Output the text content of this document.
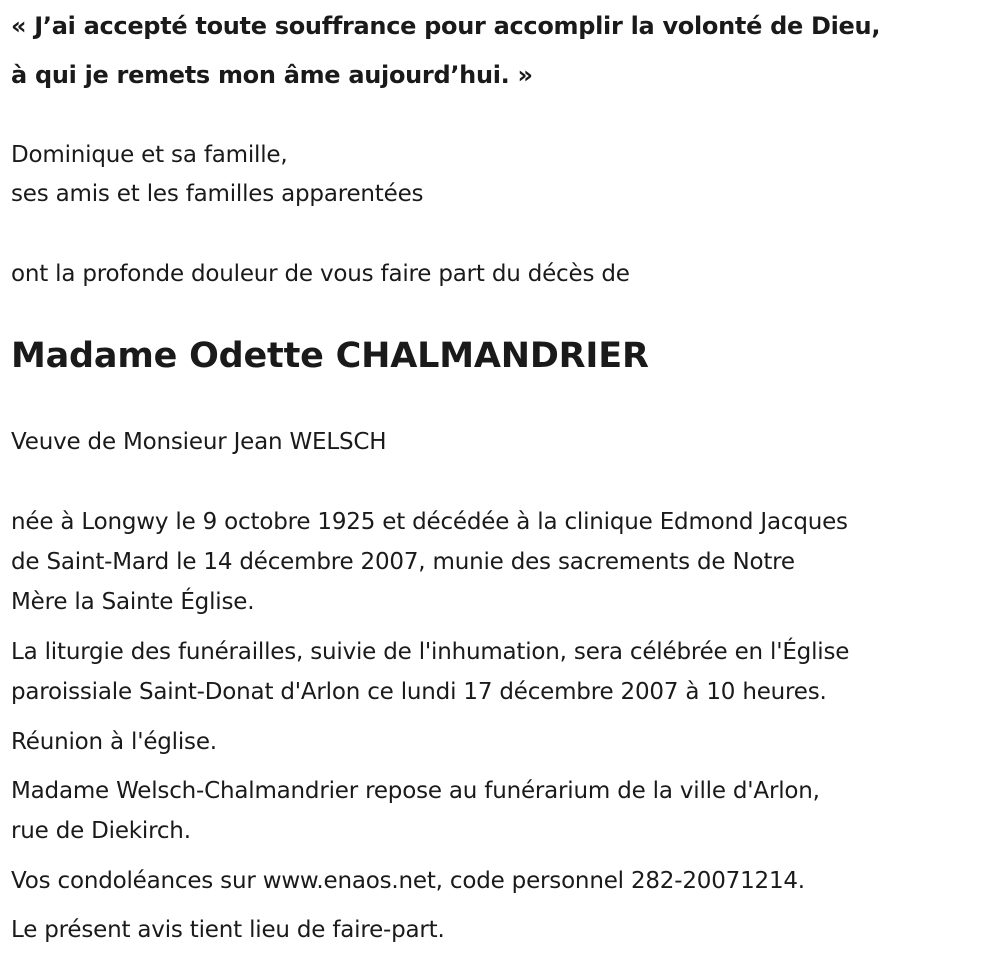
« J’ai accepté toute souffrance pour accomplir la volonté de Dieu,

à qui je remets mon âme aujourd’hui. »

Dominique et sa famille,

ses amis et les familles apparentées

ont la profonde douleur de vous faire part du décès de

Madame Odette CHALMANDRIER

Veuve de Monsieur Jean WELSCH

née à Longwy le 9 octobre 1925 et décédée à la clinique Edmond Jacques

de Saint-Mard le 14 décembre 2007, munie des sacrements de Notre

Mère la Sainte Église.

La liturgie des funérailles, suivie de l'inhumation, sera célébrée en l'Église

paroissiale Saint-Donat d'Arlon ce lundi 17 décembre 2007 à 10 heures.

Réunion à l'église.

Madame Welsch-Chalmandrier repose au funérarium de la ville d'Arlon,

rue de Diekirch.

Vos condoléances sur www.enaos.net, code personnel 282-20071214.

Le présent avis tient lieu de faire-part.
